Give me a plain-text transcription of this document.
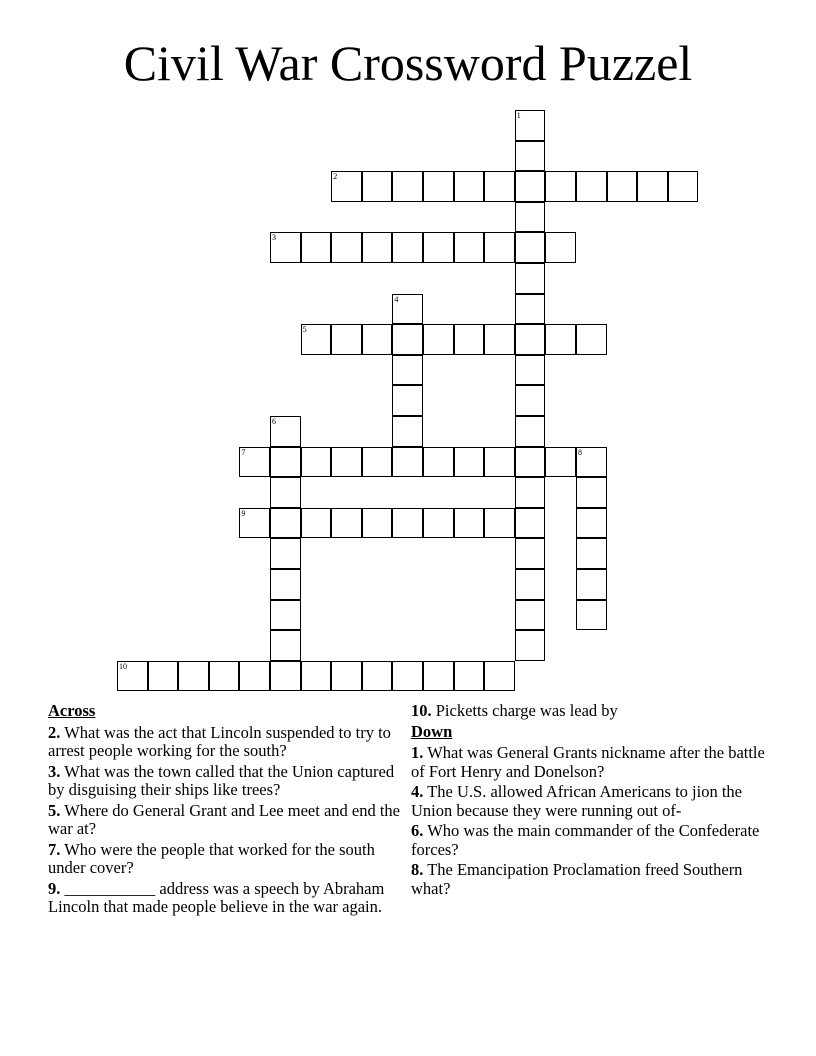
Civil War Crossword Puzzel
1
2
3
4
5
6
7	8
9
10
Across
2. What was the act that Lincoln suspended to try to arrest people working for the south?
3. What was the town called that the Union captured by disguising their ships like trees?
5. Where do General Grant and Lee meet and end the war at?
7. Who were the people that worked for the south under cover?
9. ___________ address was a speech by Abraham Lincoln that made people believe in the war again.
10. Picketts charge was lead by
Down
1. What was General Grants nickname after the battle of Fort Henry and Donelson?
4. The U.S. allowed African Americans to jion the Union because they were running out of-
6. Who was the main commander of the Confederate forces?
8. The Emancipation Proclamation freed Southern what?
